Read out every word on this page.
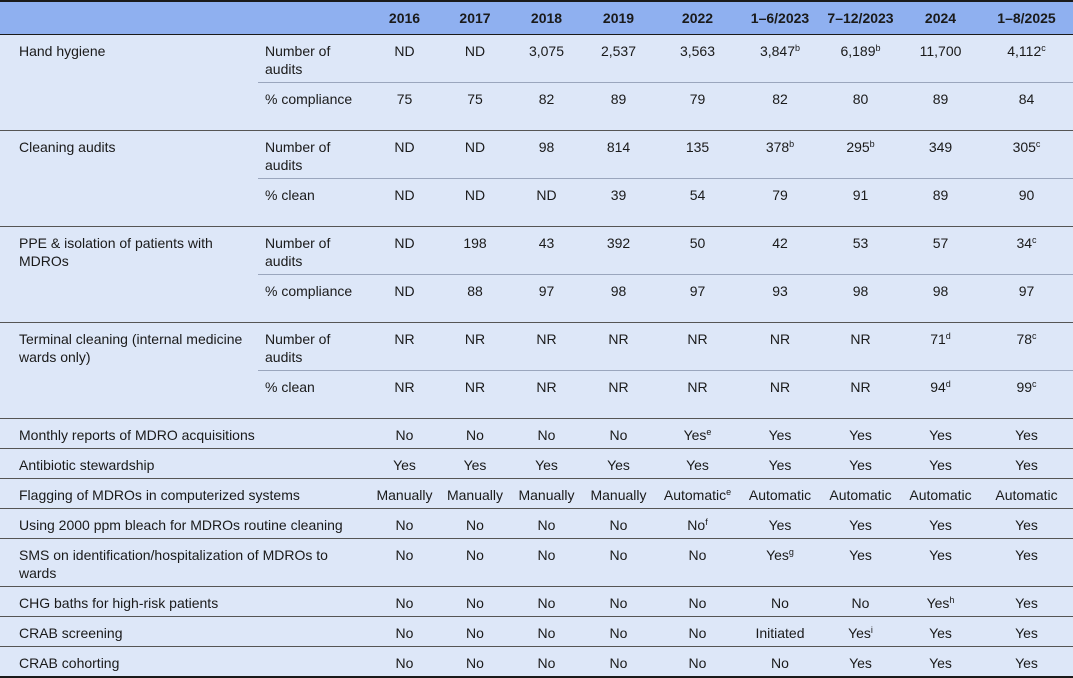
		2016	2017	2018	2019	2022	1–6/2023	7–12/2023	2024	1–8/2025
Hand hygiene	Number of audits	ND	ND	3,075	2,537	3,563	3,847$^b$	6,189$^b$	11,700	4,112$^c$
	% compliance	75	75	82	89	79	82	80	89	84
Cleaning audits	Number of audits	ND	ND	98	814	135	378$^b$	295$^b$	349	305$^c$
	% clean	ND	ND	ND	39	54	79	91	89	90
PPE & isolation of patients with MDROs	Number of audits	ND	198	43	392	50	42	53	57	34$^c$
	% compliance	ND	88	97	98	97	93	98	98	97
Terminal cleaning (internal medicine wards only)	Number of audits	NR	NR	NR	NR	NR	NR	NR	71$^d$	78$^c$
	% clean	NR	NR	NR	NR	NR	NR	NR	94$^d$	99$^c$
Monthly reports of MDRO acquisitions		No	No	No	No	Yes$^e$	Yes	Yes	Yes	Yes
Antibiotic stewardship		Yes	Yes	Yes	Yes	Yes	Yes	Yes	Yes	Yes
Flagging of MDROs in computerized systems		Manually	Manually	Manually	Manually	Automatic$^e$	Automatic	Automatic	Automatic	Automatic
Using 2000 ppm bleach for MDROs routine cleaning		No	No	No	No	No$^f$	Yes	Yes	Yes	Yes
SMS on identification/hospitalization of MDROs to wards		No	No	No	No	No	Yes$^g$	Yes	Yes	Yes
CHG baths for high-risk patients		No	No	No	No	No	No	No	Yes$^h$	Yes
CRAB screening		No	No	No	No	No	Initiated	Yes$^i$	Yes	Yes
CRAB cohorting		No	No	No	No	No	No	Yes	Yes	Yes
